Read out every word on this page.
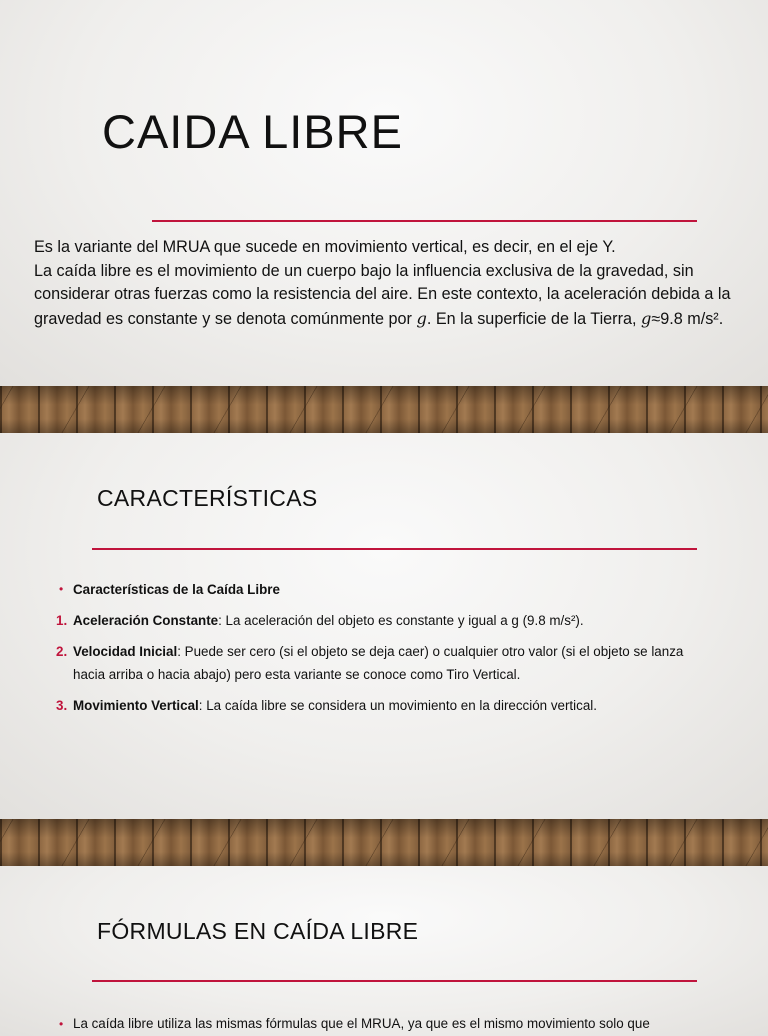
CAIDA LIBRE

Es la variante del MRUA que sucede en movimiento vertical, es decir, en el eje Y.

La caída libre es el movimiento de un cuerpo bajo la influencia exclusiva de la gravedad, sin considerar otras fuerzas como la resistencia del aire. En este contexto, la aceleración debida a la gravedad es constante y se denota comúnmente por g. En la superficie de la Tierra, g≈9.8 m/s².

CARACTERÍSTICAS
• Características de la Caída Libre
1. Aceleración Constante: La aceleración del objeto es constante y igual a g (9.8 m/s²).
2. Velocidad Inicial: Puede ser cero (si el objeto se deja caer) o cualquier otro valor (si el objeto se lanza hacia arriba o hacia abajo) pero esta variante se conoce como Tiro Vertical.
3. Movimiento Vertical: La caída libre se considera un movimiento en la dirección vertical.
FÓRMULAS EN CAÍDA LIBRE
• La caída libre utiliza las mismas fórmulas que el MRUA, ya que es el mismo movimiento solo que
